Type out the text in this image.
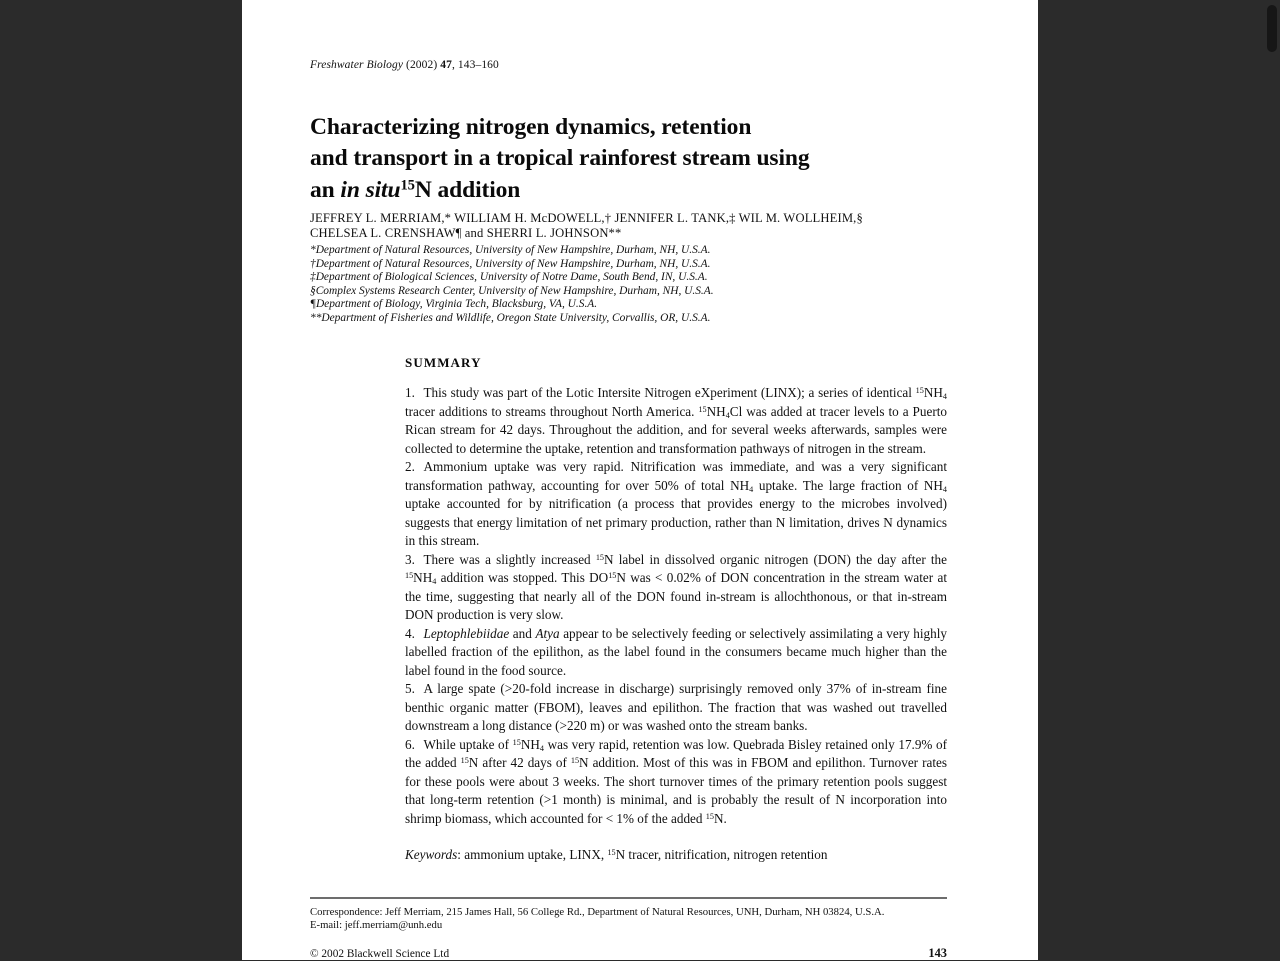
Freshwater Biology (2002) 47, 143–160
Characterizing nitrogen dynamics, retention
and transport in a tropical rainforest stream using
an in situ$^{15}$N addition
JEFFREY L. MERRIAM,* WILLIAM H. McDOWELL,† JENNIFER L. TANK,‡ WIL M. WOLLHEIM,§
CHELSEA L. CRENSHAW¶ and SHERRI L. JOHNSON**
*Department of Natural Resources, University of New Hampshire, Durham, NH, U.S.A.
†Department of Natural Resources, University of New Hampshire, Durham, NH, U.S.A.
‡Department of Biological Sciences, University of Notre Dame, South Bend, IN, U.S.A.
§Complex Systems Research Center, University of New Hampshire, Durham, NH, U.S.A.
¶Department of Biology, Virginia Tech, Blacksburg, VA, U.S.A.
**Department of Fisheries and Wildlife, Oregon State University, Corvallis, OR, U.S.A.
SUMMARY

1. This study was part of the Lotic Intersite Nitrogen eXperiment (LINX); a series of identical $^{15}NH_4$ tracer additions to streams throughout North America. $^{15}NH_4Cl$ was added at tracer levels to a Puerto Rican stream for 42 days. Throughout the addition, and for several weeks afterwards, samples were collected to determine the uptake, retention and transformation pathways of nitrogen in the stream.

2. Ammonium uptake was very rapid. Nitrification was immediate, and was a very significant transformation pathway, accounting for over 50% of total $NH_4$ uptake. The large fraction of $NH_4$ uptake accounted for by nitrification (a process that provides energy to the microbes involved) suggests that energy limitation of net primary production, rather than N limitation, drives N dynamics in this stream.

3. There was a slightly increased $^{15}$N label in dissolved organic nitrogen (DON) the day after the $^{15}NH_4$ addition was stopped. This DO$^{15}$N was < 0.02% of DON concentration in the stream water at the time, suggesting that nearly all of the DON found in-stream is allochthonous, or that in-stream DON production is very slow.

4. Leptophlebiidae and Atya appear to be selectively feeding or selectively assimilating a very highly labelled fraction of the epilithon, as the label found in the consumers became much higher than the label found in the food source.

5. A large spate (>20-fold increase in discharge) surprisingly removed only 37% of in-stream fine benthic organic matter (FBOM), leaves and epilithon. The fraction that was washed out travelled downstream a long distance (>220 m) or was washed onto the stream banks.

6. While uptake of $^{15}NH_4$ was very rapid, retention was low. Quebrada Bisley retained only 17.9% of the added $^{15}$N after 42 days of $^{15}$N addition. Most of this was in FBOM and epilithon. Turnover rates for these pools were about 3 weeks. The short turnover times of the primary retention pools suggest that long-term retention (>1 month) is minimal, and is probably the result of N incorporation into shrimp biomass, which accounted for < 1% of the added $^{15}$N.

Keywords: ammonium uptake, LINX, $^{15}$N tracer, nitrification, nitrogen retention
Correspondence: Jeff Merriam, 215 James Hall, 56 College Rd., Department of Natural Resources, UNH, Durham, NH 03824, U.S.A.
E-mail: jeff.merriam@unh.edu
© 2002 Blackwell Science Ltd	143
